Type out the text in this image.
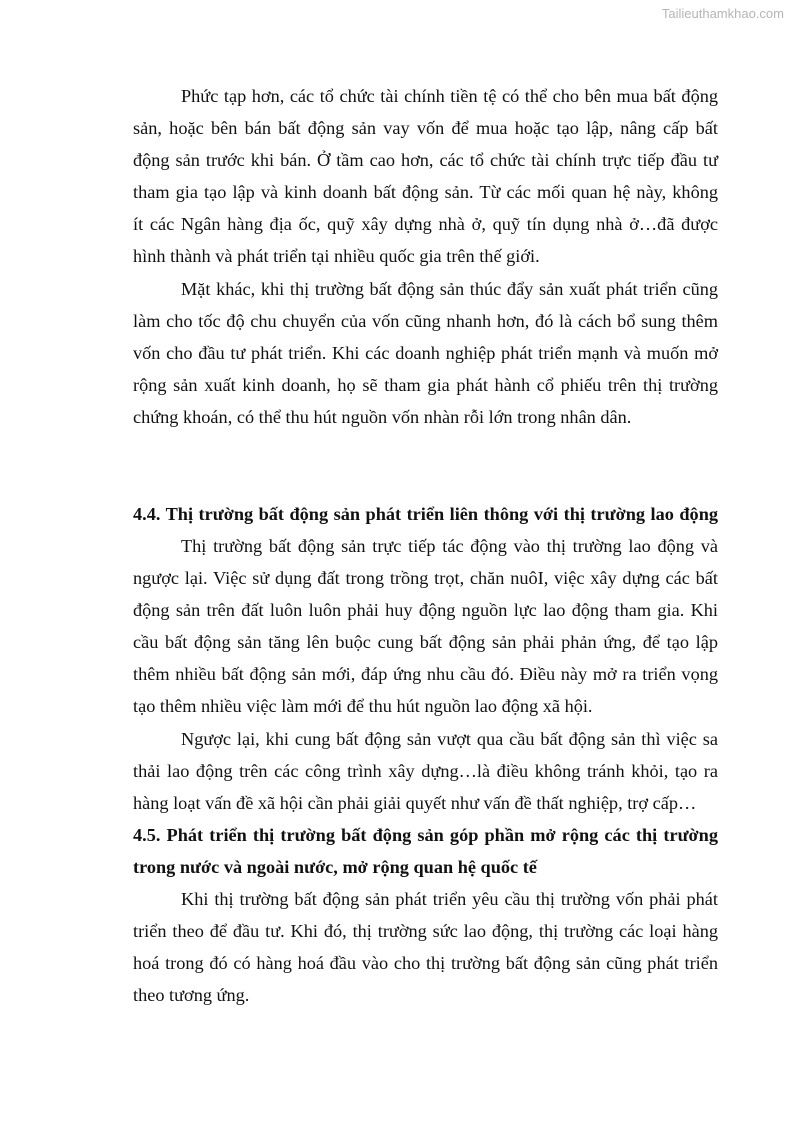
Tailieuthamkhao.com
Phức tạp hơn, các tổ chức tài chính tiền tệ có thể cho bên mua bất động
sản, hoặc bên bán bất động sản vay vốn để mua hoặc tạo lập, nâng cấp bất
động sản trước khi bán. Ở tầm cao hơn, các tổ chức tài chính trực tiếp đầu tư
tham gia tạo lập và kinh doanh bất động sản. Từ các mối quan hệ này, không
ít các Ngân hàng địa ốc, quỹ xây dựng nhà ở, quỹ tín dụng nhà ở…đã được
hình thành và phát triển tại nhiều quốc gia trên thế giới.
Mặt khác, khi thị trường bất động sản thúc đẩy sản xuất phát triển cũng
làm cho tốc độ chu chuyển của vốn cũng nhanh hơn, đó là cách bổ sung thêm
vốn cho đầu tư phát triển. Khi các doanh nghiệp phát triển mạnh và muốn mở
rộng sản xuất kinh doanh, họ sẽ tham gia phát hành cổ phiếu trên thị trường
chứng khoán, có thể thu hút nguồn vốn nhàn rỗi lớn trong nhân dân.
4.4. Thị trường bất động sản phát triển liên thông với thị trường lao động
Thị trường bất động sản trực tiếp tác động vào thị trường lao động và
ngược lại. Việc sử dụng đất trong trồng trọt, chăn nuôI, việc xây dựng các bất
động sản trên đất luôn luôn phải huy động nguồn lực lao động tham gia. Khi
cầu bất động sản tăng lên buộc cung bất động sản phải phản ứng, để tạo lập
thêm nhiều bất động sản mới, đáp ứng nhu cầu đó. Điều này mở ra triển vọng
tạo thêm nhiều việc làm mới để thu hút nguồn lao động xã hội.
Ngược lại, khi cung bất động sản vượt qua cầu bất động sản thì việc sa
thải lao động trên các công trình xây dựng…là điều không tránh khỏi, tạo ra
hàng loạt vấn đề xã hội cần phải giải quyết như vấn đề thất nghiệp, trợ cấp…
4.5. Phát triển thị trường bất động sản góp phần mở rộng các thị trường
trong nước và ngoài nước, mở rộng quan hệ quốc tế
Khi thị trường bất động sản phát triển yêu cầu thị trường vốn phải phát
triển theo để đầu tư. Khi đó, thị trường sức lao động, thị trường các loại hàng
hoá trong đó có hàng hoá đầu vào cho thị trường bất động sản cũng phát triển
theo tương ứng.
